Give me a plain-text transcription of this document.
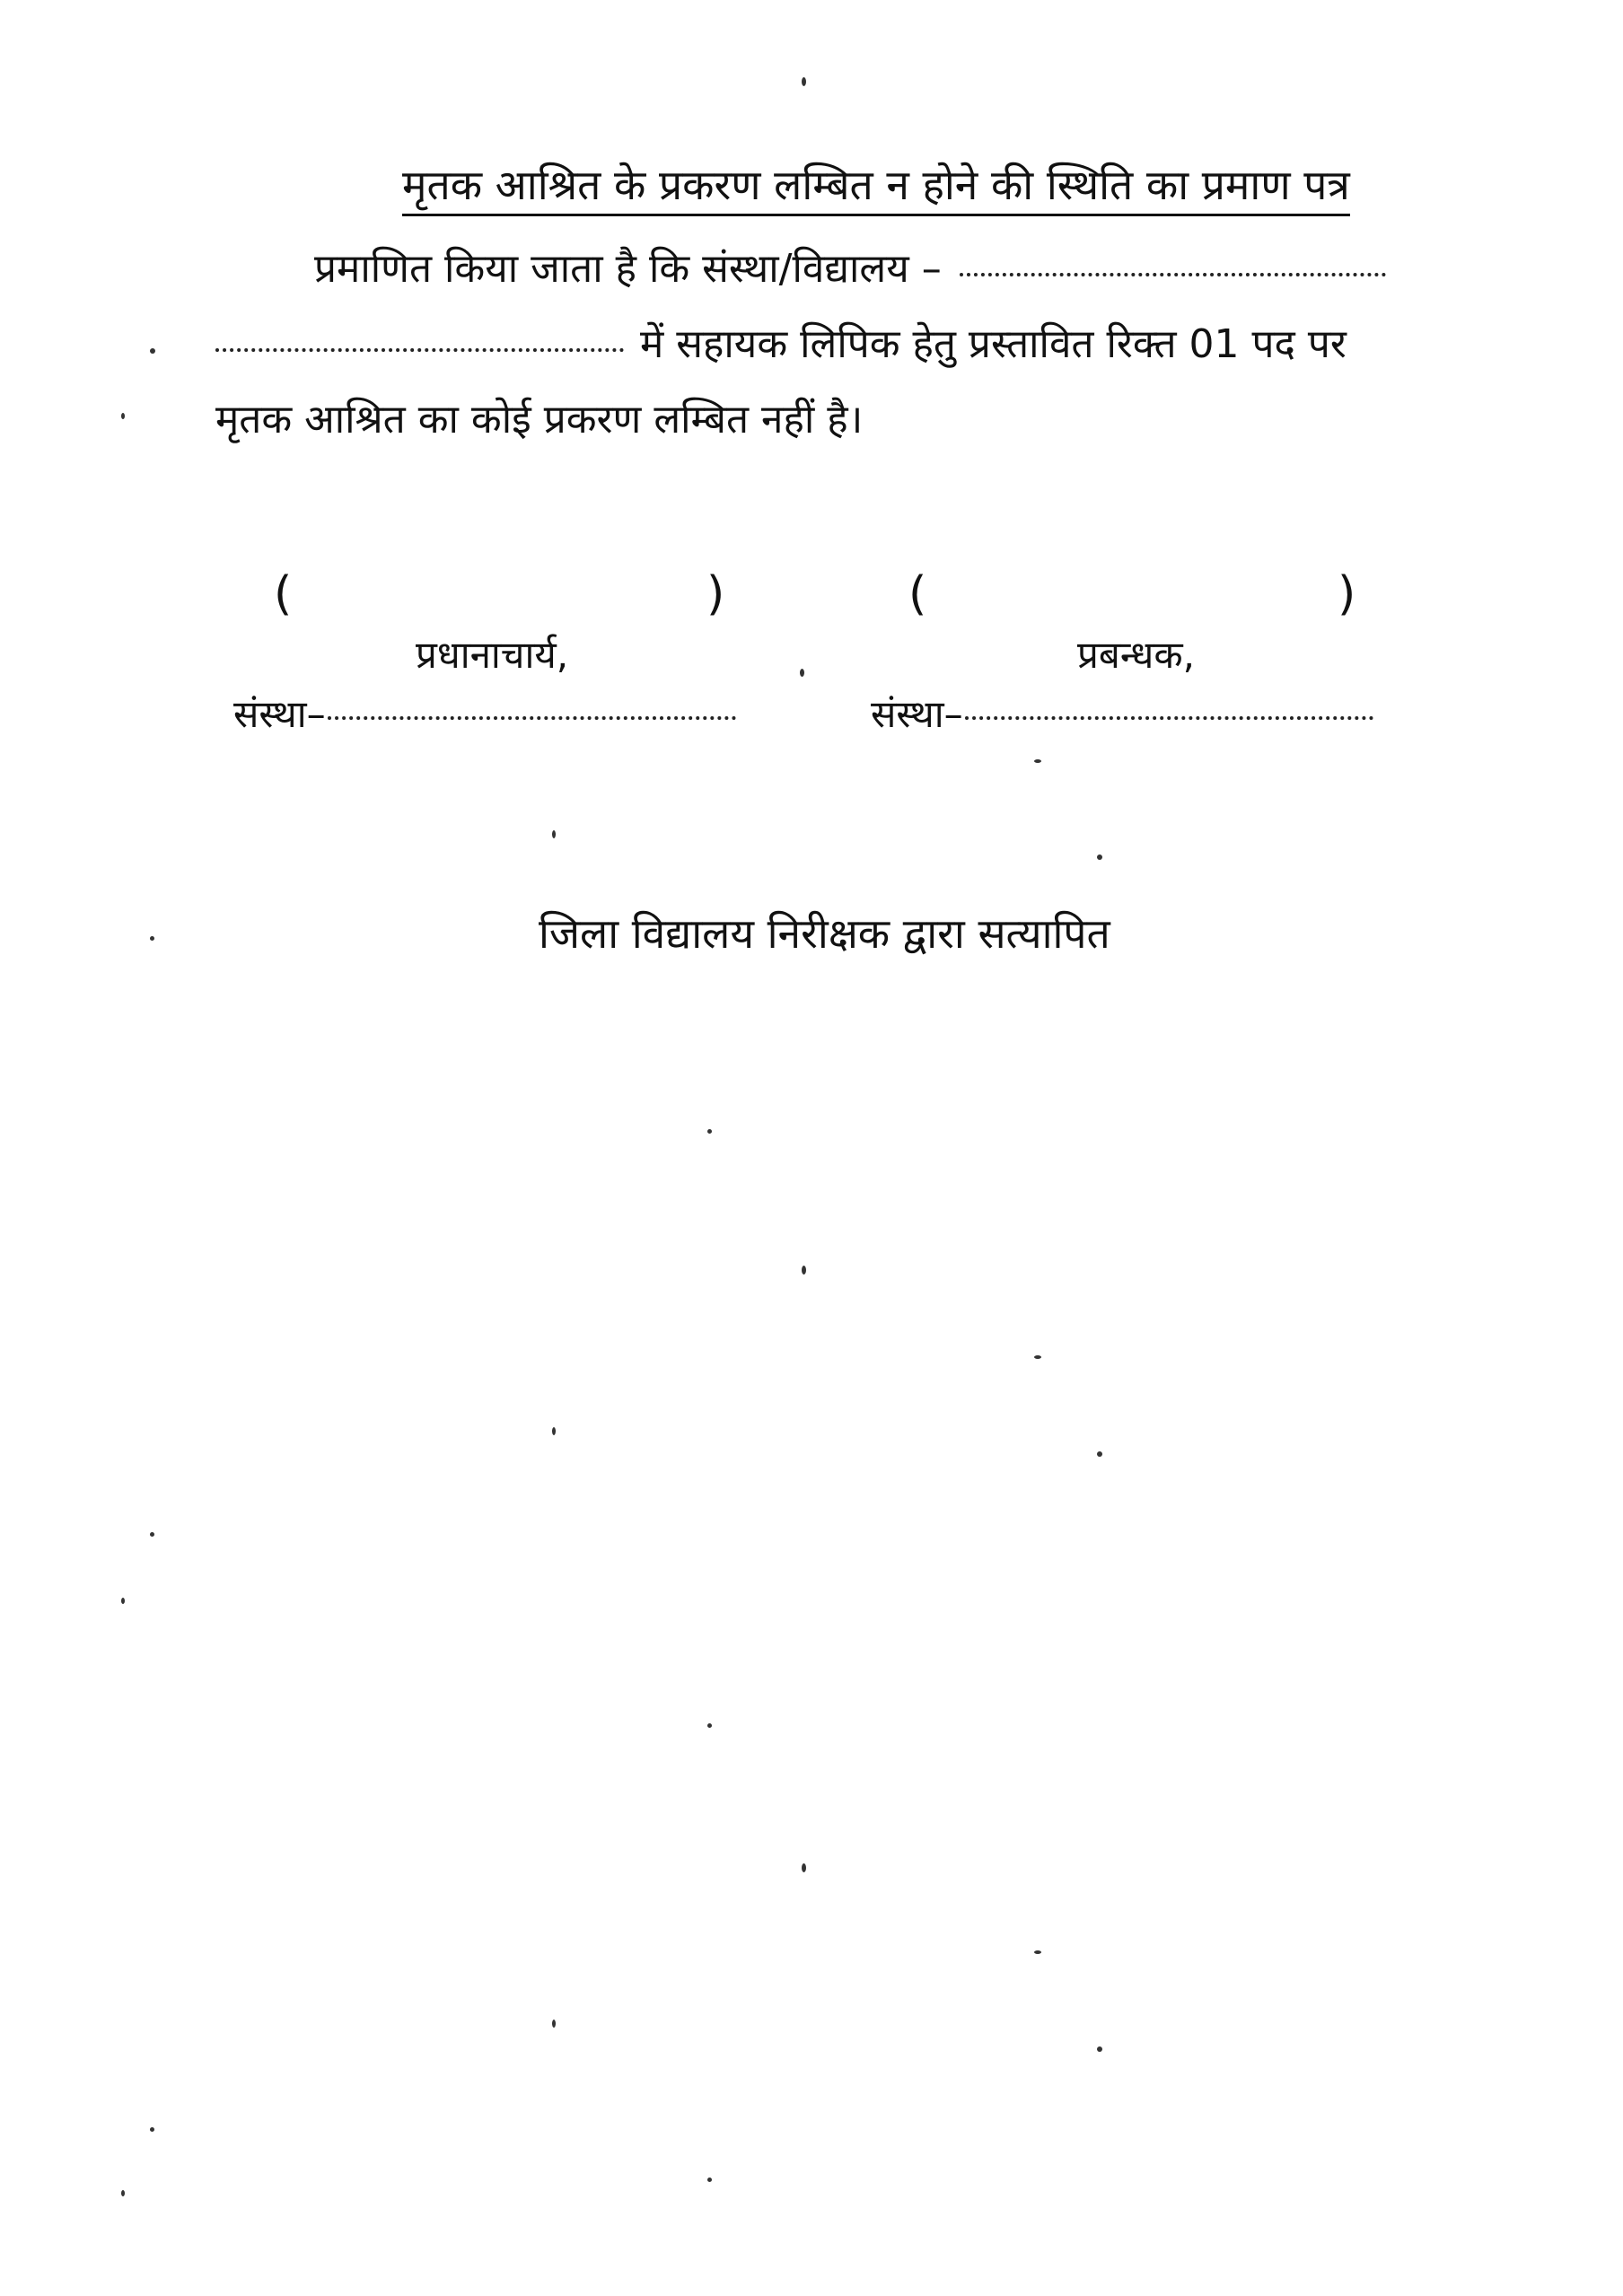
मृतक आश्रित के प्रकरण लम्बित न होने की स्थिति का प्रमाण पत्र
प्रमाणित किया जाता है कि संस्था/विद्यालय –
में सहायक लिपिक हेतु प्रस्तावित रिक्त 01 पद पर
मृतक आश्रित का कोई प्रकरण लम्बित नहीं है।
(	)	(	)
प्रधानाचार्य,	प्रबन्धक,
संस्था–	संस्था–
जिला विद्यालय निरीक्षक द्वारा सत्यापित
